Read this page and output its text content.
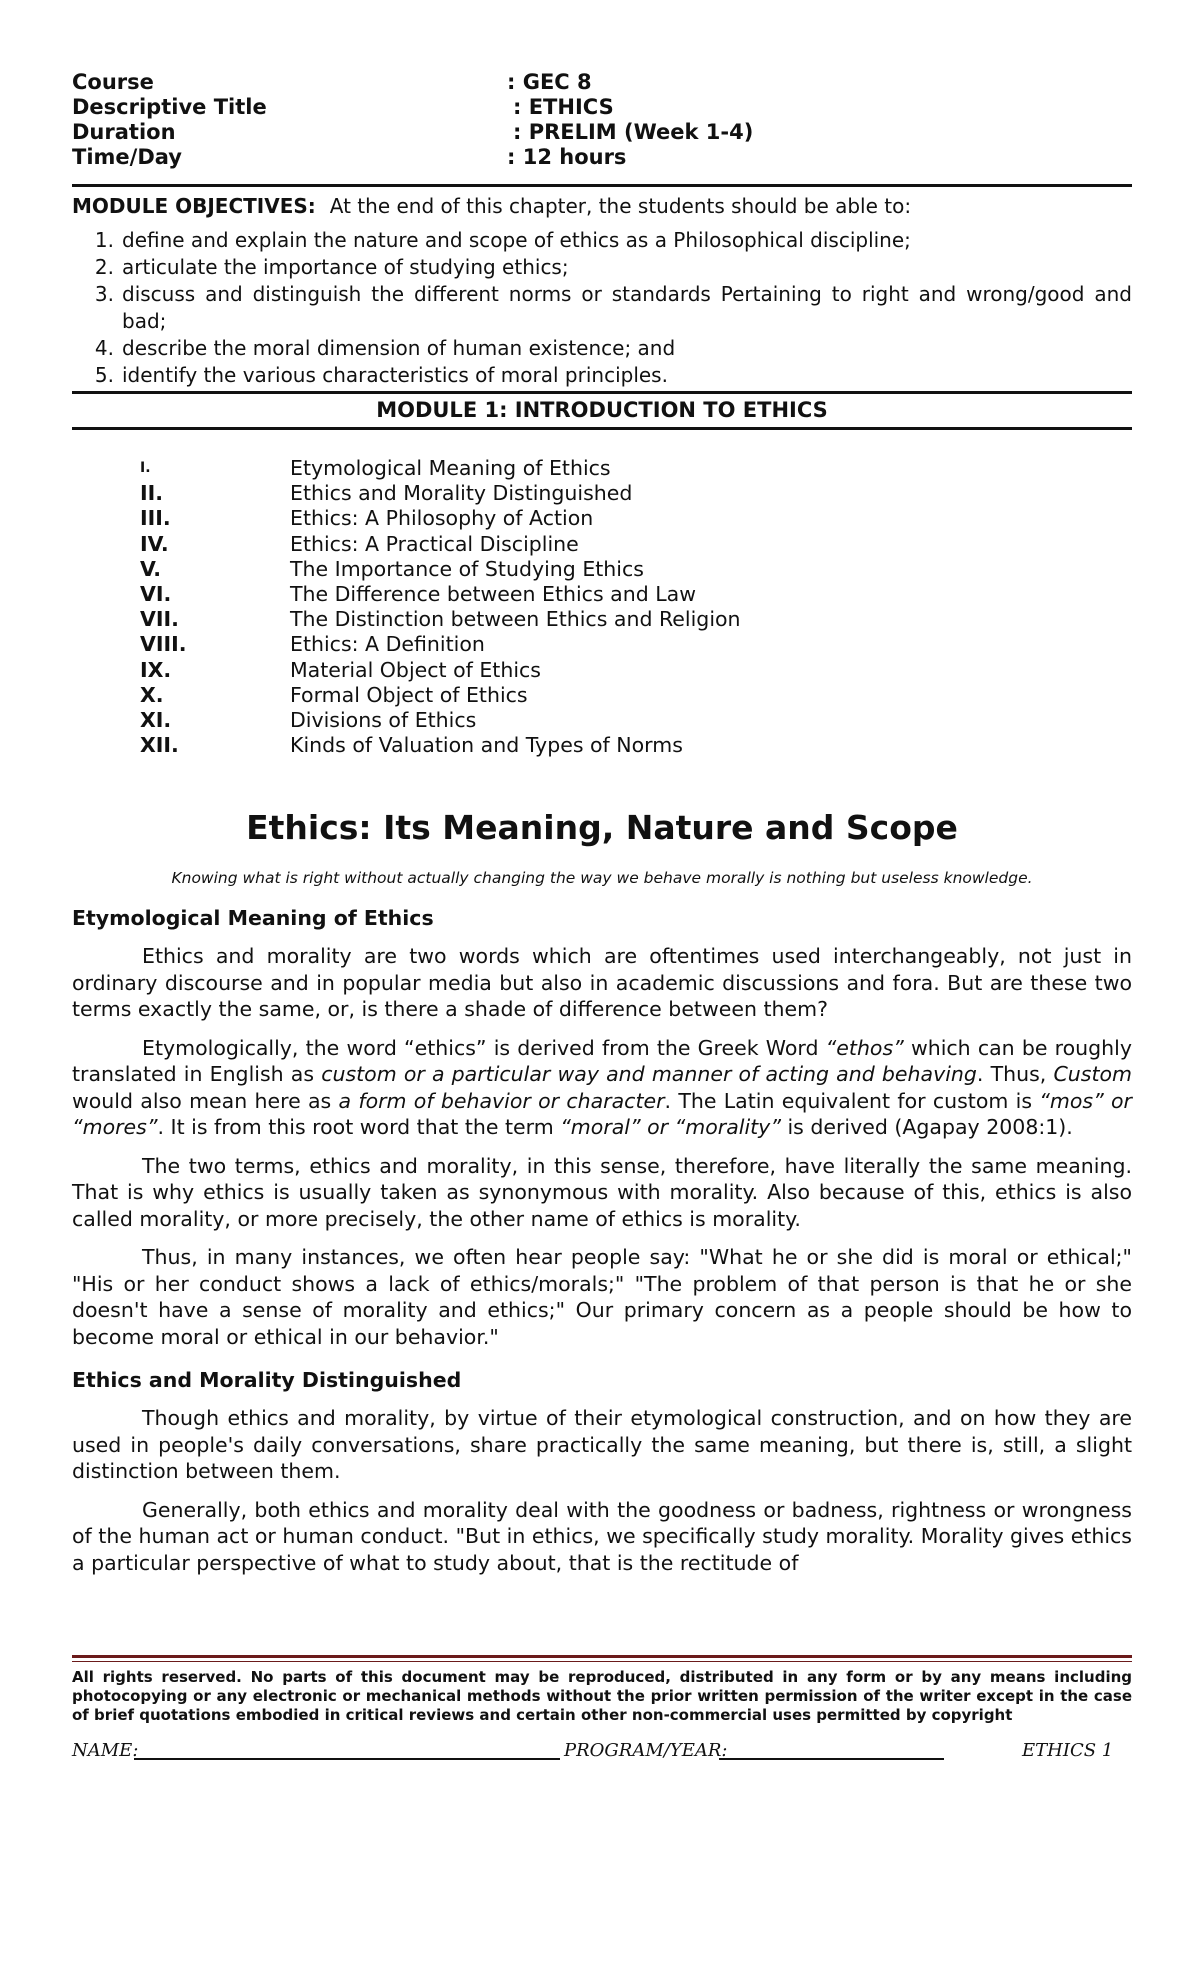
Course	: GEC 8
Descriptive Title	: ETHICS
Duration	: PRELIM (Week 1-4)
Time/Day	: 12 hours
MODULE OBJECTIVES: At the end of this chapter, the students should be able to:
1. define and explain the nature and scope of ethics as a Philosophical discipline;
2. articulate the importance of studying ethics;
3. discuss and distinguish the different norms or standards Pertaining to right and wrong/good and bad;
4. describe the moral dimension of human existence; and
5. identify the various characteristics of moral principles.
MODULE 1: INTRODUCTION TO ETHICS
I.	Etymological Meaning of Ethics
II.	Ethics and Morality Distinguished
III.	Ethics: A Philosophy of Action
IV.	Ethics: A Practical Discipline
V.	The Importance of Studying Ethics
VI.	The Difference between Ethics and Law
VII.	The Distinction between Ethics and Religion
VIII.	Ethics: A Definition
IX.	Material Object of Ethics
X.	Formal Object of Ethics
XI.	Divisions of Ethics
XII.	Kinds of Valuation and Types of Norms
Ethics: Its Meaning, Nature and Scope
Knowing what is right without actually changing the way we behave morally is nothing but useless knowledge.
Etymological Meaning of Ethics

Ethics and morality are two words which are oftentimes used interchangeably, not just in ordinary discourse and in popular media but also in academic discussions and fora. But are these two terms exactly the same, or, is there a shade of difference between them?

Etymologically, the word “ethics” is derived from the Greek Word “ethos” which can be roughly translated in English as custom or a particular way and manner of acting and behaving. Thus, Custom would also mean here as a form of behavior or character. The Latin equivalent for custom is “mos” or “mores”. It is from this root word that the term “moral” or “morality” is derived (Agapay 2008:1).

The two terms, ethics and morality, in this sense, therefore, have literally the same meaning. That is why ethics is usually taken as synonymous with morality. Also because of this, ethics is also called morality, or more precisely, the other name of ethics is morality.

Thus, in many instances, we often hear people say: "What he or she did is moral or ethical;" "His or her conduct shows a lack of ethics/morals;" "The problem of that person is that he or she doesn't have a sense of morality and ethics;" Our primary concern as a people should be how to become moral or ethical in our behavior."

Ethics and Morality Distinguished

Though ethics and morality, by virtue of their etymological construction, and on how they are used in people's daily conversations, share practically the same meaning, but there is, still, a slight distinction between them.

Generally, both ethics and morality deal with the goodness or badness, rightness or wrongness of the human act or human conduct. "But in ethics, we specifically study morality. Morality gives ethics a particular perspective of what to study about, that is the rectitude of

All rights reserved. No parts of this document may be reproduced, distributed in any form or by any means including photocopying or any electronic or mechanical methods without the prior written permission of the writer except in the case of brief quotations embodied in critical reviews and certain other non-commercial uses permitted by copyright
NAME:	PROGRAM/YEAR:	ETHICS 1
